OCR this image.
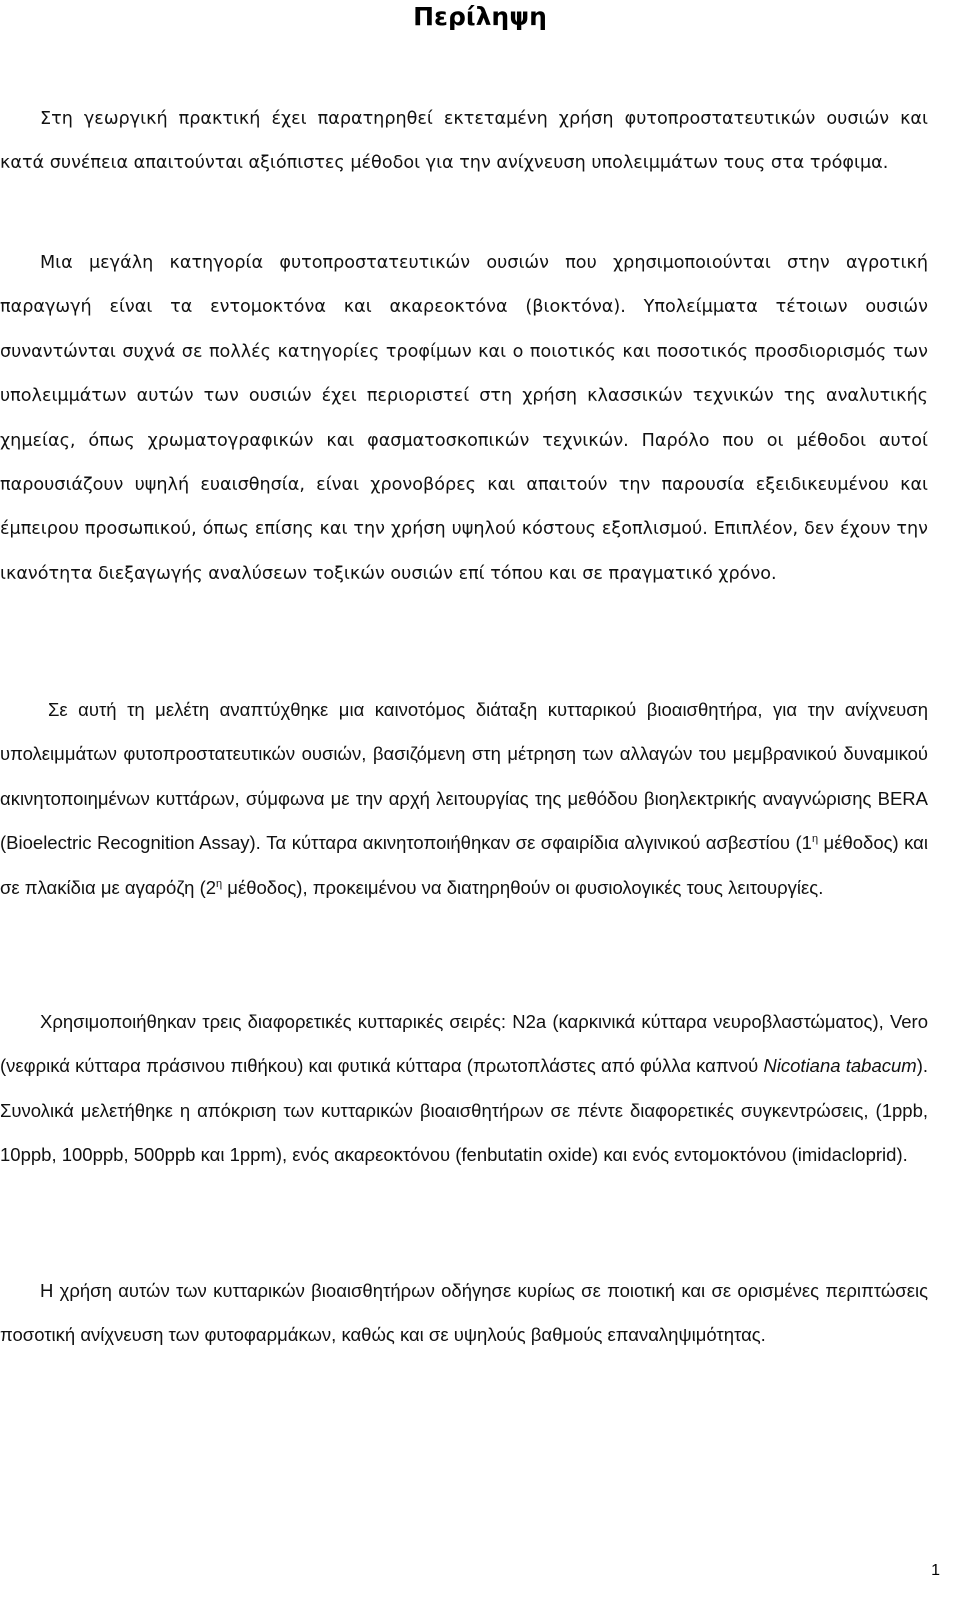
Περίληψη

Στη γεωργική πρακτική έχει παρατηρηθεί εκτεταμένη χρήση φυτοπροστατευτικών ουσιών και κατά συνέπεια απαιτούνται αξιόπιστες μέθοδοι για την ανίχνευση υπολειμμάτων τους στα τρόφιμα.

Μια μεγάλη κατηγορία φυτοπροστατευτικών ουσιών που χρησιμοποιούνται στην αγροτική παραγωγή είναι τα εντομοκτόνα και ακαρεοκτόνα (βιοκτόνα). Υπολείμματα τέτοιων ουσιών συναντώνται συχνά σε πολλές κατηγορίες τροφίμων και ο ποιοτικός και ποσοτικός προσδιορισμός των υπολειμμάτων αυτών των ουσιών έχει περιοριστεί στη χρήση κλασσικών τεχνικών της αναλυτικής χημείας, όπως χρωματογραφικών και φασματοσκοπικών τεχνικών. Παρόλο που οι μέθοδοι αυτοί παρουσιάζουν υψηλή ευαισθησία, είναι χρονοβόρες και απαιτούν την παρουσία εξειδικευμένου και έμπειρου προσωπικού, όπως επίσης και την χρήση υψηλού κόστους εξοπλισμού. Επιπλέον, δεν έχουν την ικανότητα διεξαγωγής αναλύσεων τοξικών ουσιών επί τόπου και σε πραγματικό χρόνο.

Σε αυτή τη μελέτη αναπτύχθηκε μια καινοτόμος διάταξη κυτταρικού βιοαισθητήρα, για την ανίχνευση υπολειμμάτων φυτοπροστατευτικών ουσιών, βασιζόμενη στη μέτρηση των αλλαγών του μεμβρανικού δυναμικού ακινητοποιημένων κυττάρων, σύμφωνα με την αρχή λειτουργίας της μεθόδου βιοηλεκτρικής αναγνώρισης BERA (Bioelectric Recognition Assay). Τα κύτταρα ακινητοποιήθηκαν σε σφαιρίδια αλγινικού ασβεστίου ($1^\eta$ μέθοδος) και σε πλακίδια με αγαρόζη ($2^\eta$ μέθοδος), προκειμένου να διατηρηθούν οι φυσιολογικές τους λειτουργίες.

Χρησιμοποιήθηκαν τρεις διαφορετικές κυτταρικές σειρές: N2a (καρκινικά κύτταρα νευροβλαστώματος), Vero (νεφρικά κύτταρα πράσινου πιθήκου) και φυτικά κύτταρα (πρωτοπλάστες από φύλλα καπνού Nicotiana tabacum). Συνολικά μελετήθηκε η απόκριση των κυτταρικών βιοαισθητήρων σε πέντε διαφορετικές συγκεντρώσεις, (1ppb, 10ppb, 100ppb, 500ppb και 1ppm), ενός ακαρεοκτόνου (fenbutatin oxide) και ενός εντομοκτόνου (imidacloprid).

Η χρήση αυτών των κυτταρικών βιοαισθητήρων οδήγησε κυρίως σε ποιοτική και σε ορισμένες περιπτώσεις ποσοτική ανίχνευση των φυτοφαρμάκων, καθώς και σε υψηλούς βαθμούς επαναληψιμότητας.

1
